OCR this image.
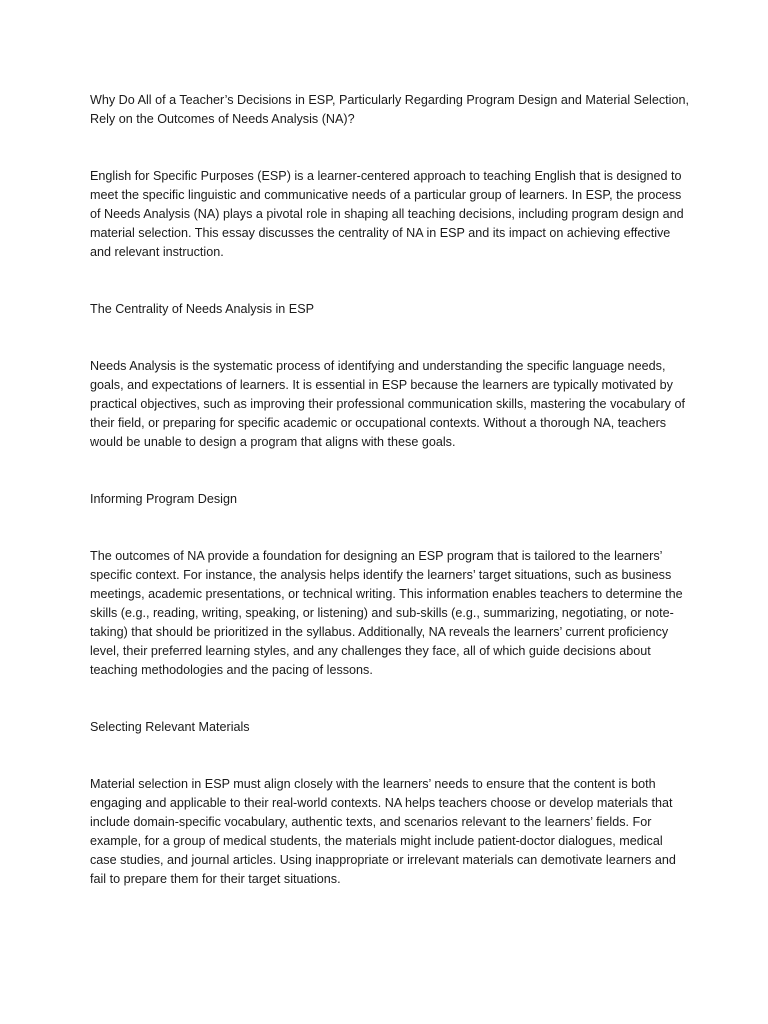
Why Do All of a Teacher’s Decisions in ESP, Particularly Regarding Program Design and Material Selection, Rely on the Outcomes of Needs Analysis (NA)?

English for Specific Purposes (ESP) is a learner-centered approach to teaching English that is designed to meet the specific linguistic and communicative needs of a particular group of learners. In ESP, the process of Needs Analysis (NA) plays a pivotal role in shaping all teaching decisions, including program design and material selection. This essay discusses the centrality of NA in ESP and its impact on achieving effective and relevant instruction.

The Centrality of Needs Analysis in ESP

Needs Analysis is the systematic process of identifying and understanding the specific language needs, goals, and expectations of learners. It is essential in ESP because the learners are typically motivated by practical objectives, such as improving their professional communication skills, mastering the vocabulary of their field, or preparing for specific academic or occupational contexts. Without a thorough NA, teachers would be unable to design a program that aligns with these goals.

Informing Program Design

The outcomes of NA provide a foundation for designing an ESP program that is tailored to the learners’ specific context. For instance, the analysis helps identify the learners’ target situations, such as business meetings, academic presentations, or technical writing. This information enables teachers to determine the skills (e.g., reading, writing, speaking, or listening) and sub-skills (e.g., summarizing, negotiating, or note-taking) that should be prioritized in the syllabus. Additionally, NA reveals the learners’ current proficiency level, their preferred learning styles, and any challenges they face, all of which guide decisions about teaching methodologies and the pacing of lessons.

Selecting Relevant Materials

Material selection in ESP must align closely with the learners’ needs to ensure that the content is both engaging and applicable to their real-world contexts. NA helps teachers choose or develop materials that include domain-specific vocabulary, authentic texts, and scenarios relevant to the learners’ fields. For example, for a group of medical students, the materials might include patient-doctor dialogues, medical case studies, and journal articles. Using inappropriate or irrelevant materials can demotivate learners and fail to prepare them for their target situations.
